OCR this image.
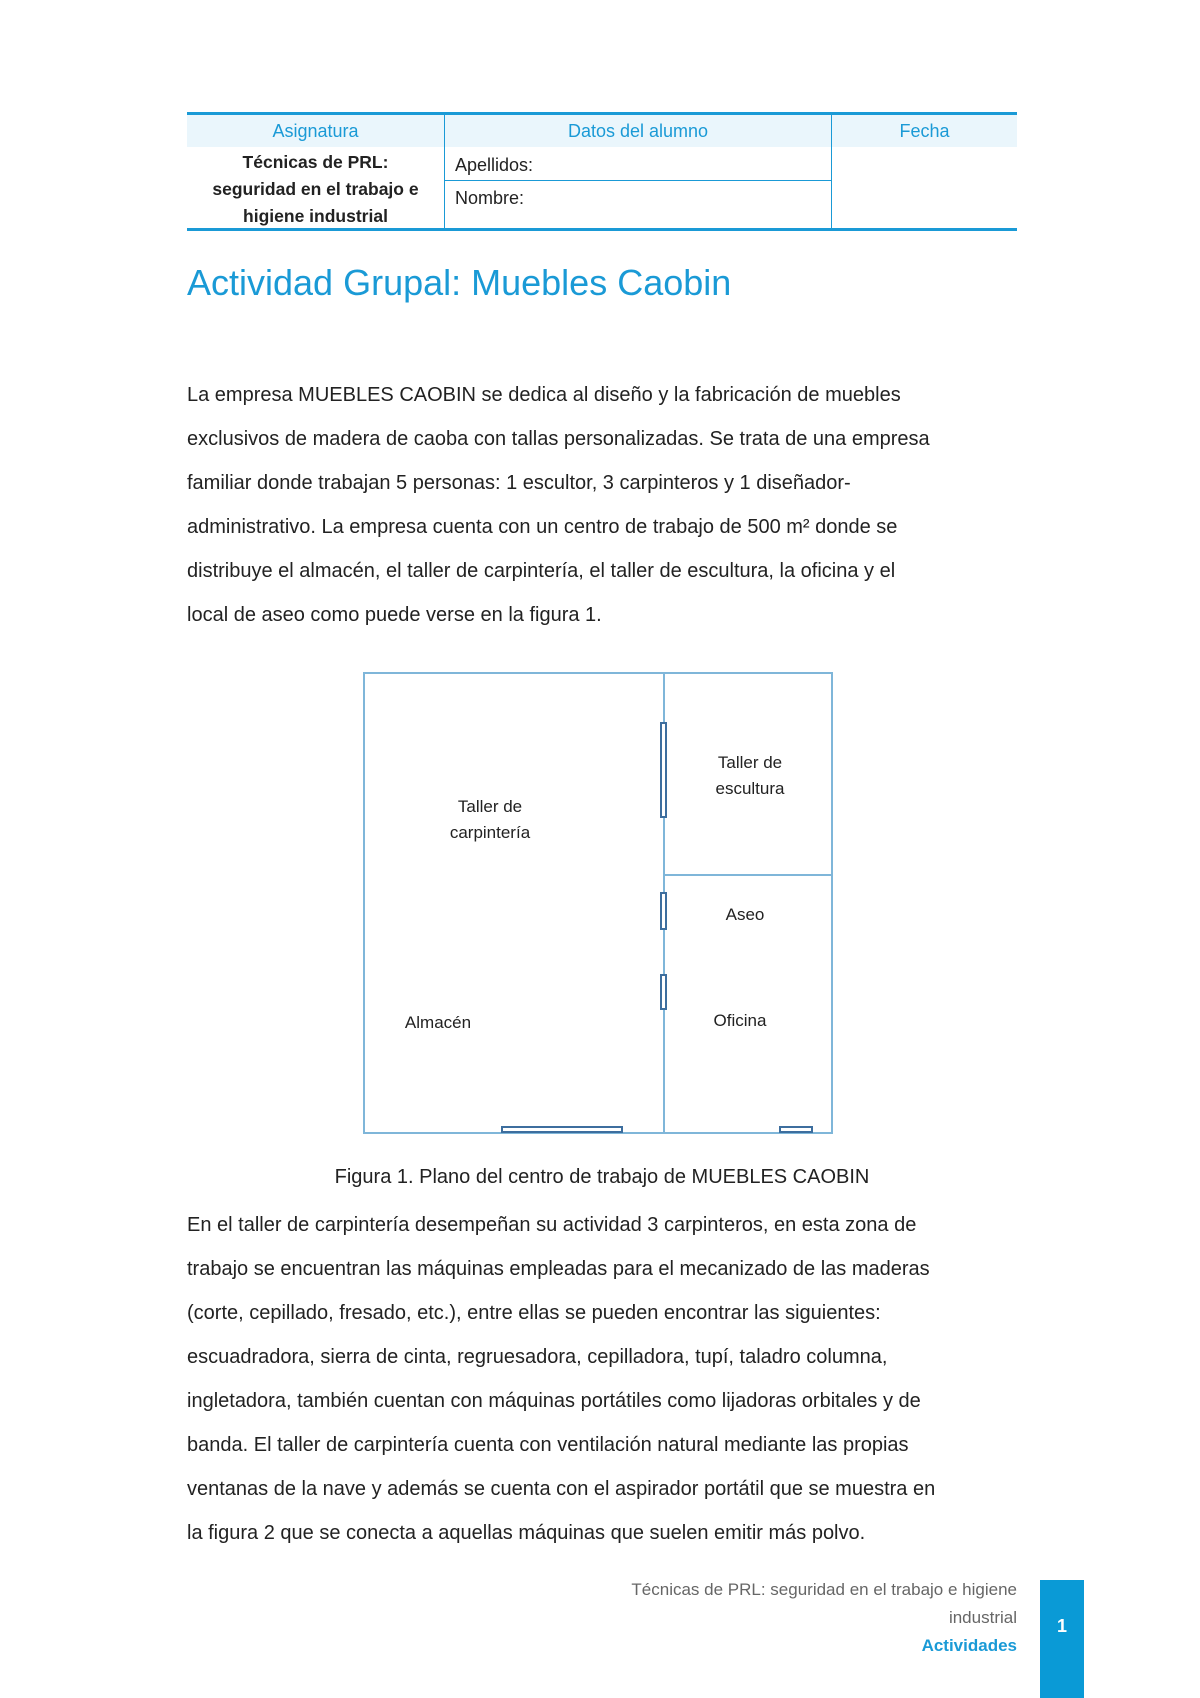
Asignatura	Datos del alumno	Fecha
Técnicas de PRL:
seguridad en el trabajo e
higiene industrial
Apellidos:
Nombre:
Actividad Grupal: Muebles Caobin
La empresa MUEBLES CAOBIN se dedica al diseño y la fabricación de muebles
exclusivos de madera de caoba con tallas personalizadas. Se trata de una empresa
familiar donde trabajan 5 personas: 1 escultor, 3 carpinteros y 1 diseñador-
administrativo. La empresa cuenta con un centro de trabajo de 500 m² donde se
distribuye el almacén, el taller de carpintería, el taller de escultura, la oficina y el
local de aseo como puede verse en la figura 1.
Taller de
carpintería
Taller de
escultura
Aseo
Almacén	Oficina
Figura 1. Plano del centro de trabajo de MUEBLES CAOBIN
En el taller de carpintería desempeñan su actividad 3 carpinteros, en esta zona de
trabajo se encuentran las máquinas empleadas para el mecanizado de las maderas
(corte, cepillado, fresado, etc.), entre ellas se pueden encontrar las siguientes:
escuadradora, sierra de cinta, regruesadora, cepilladora, tupí, taladro columna,
ingletadora, también cuentan con máquinas portátiles como lijadoras orbitales y de
banda. El taller de carpintería cuenta con ventilación natural mediante las propias
ventanas de la nave y además se cuenta con el aspirador portátil que se muestra en
la figura 2 que se conecta a aquellas máquinas que suelen emitir más polvo.
Técnicas de PRL: seguridad en el trabajo e higiene
industrial
Actividades
1
